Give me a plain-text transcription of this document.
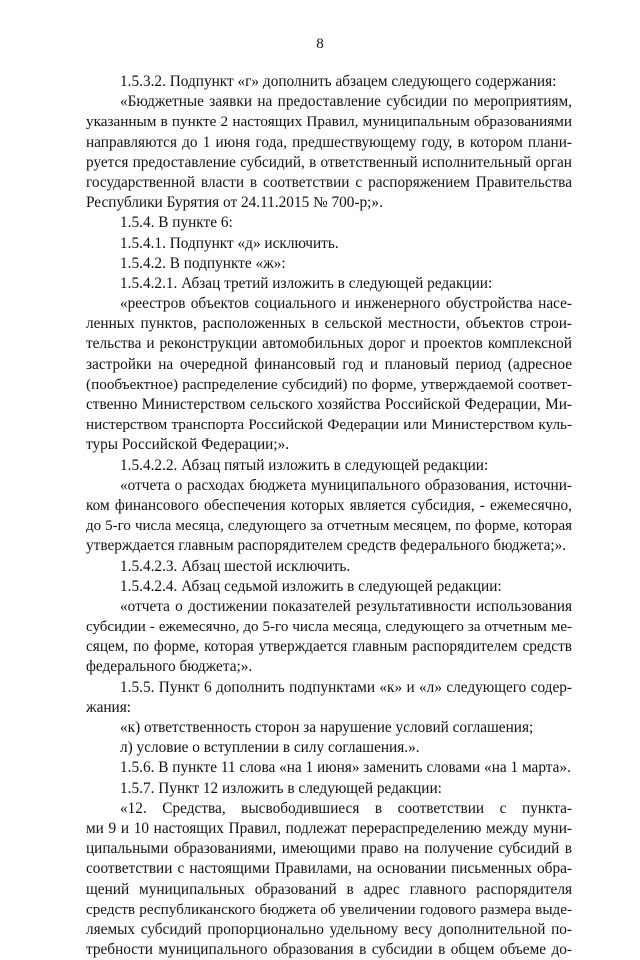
8
1.5.3.2. Подпункт «г» дополнить абзацем следующего содержания:
«Бюджетные заявки на предоставление субсидии по мероприятиям,
указанным в пункте 2 настоящих Правил, муниципальным образованиями
направляются до 1 июня года, предшествующему году, в котором плани-
руется предоставление субсидий, в ответственный исполнительный орган
государственной власти в соответствии с распоряжением Правительства
Республики Бурятия от 24.11.2015 № 700-р;».
1.5.4. В пункте 6:
1.5.4.1. Подпункт «д» исключить.
1.5.4.2. В подпункте «ж»:
1.5.4.2.1. Абзац третий изложить в следующей редакции:
«реестров объектов социального и инженерного обустройства насе-
ленных пунктов, расположенных в сельской местности, объектов строи-
тельства и реконструкции автомобильных дорог и проектов комплексной
застройки на очередной финансовый год и плановый период (адресное
(пообъектное) распределение субсидий) по форме, утверждаемой соответ-
ственно Министерством сельского хозяйства Российской Федерации, Ми-
нистерством транспорта Российской Федерации или Министерством куль-
туры Российской Федерации;».
1.5.4.2.2. Абзац пятый изложить в следующей редакции:
«отчета о расходах бюджета муниципального образования, источни-
ком финансового обеспечения которых является субсидия, - ежемесячно,
до 5-го числа месяца, следующего за отчетным месяцем, по форме, которая
утверждается главным распорядителем средств федерального бюджета;».
1.5.4.2.3. Абзац шестой исключить.
1.5.4.2.4. Абзац седьмой изложить в следующей редакции:
«отчета о достижении показателей результативности использования
субсидии - ежемесячно, до 5-го числа месяца, следующего за отчетным ме-
сяцем, по форме, которая утверждается главным распорядителем средств
федерального бюджета;».
1.5.5. Пункт 6 дополнить подпунктами «к» и «л» следующего содер-
жания:
«к) ответственность сторон за нарушение условий соглашения;
л) условие о вступлении в силу соглашения.».
1.5.6. В пункте 11 слова «на 1 июня» заменить словами «на 1 марта».
1.5.7. Пункт 12 изложить в следующей редакции:
«12. Средства, высвободившиеся в соответствии с пункта-
ми 9 и 10 настоящих Правил, подлежат перераспределению между муни-
ципальными образованиями, имеющими право на получение субсидий в
соответствии с настоящими Правилами, на основании письменных обра-
щений муниципальных образований в адрес главного распорядителя
средств республиканского бюджета об увеличении годового размера выде-
ляемых субсидий пропорционально удельному весу дополнительной по-
требности муниципального образования в субсидии в общем объеме до-
